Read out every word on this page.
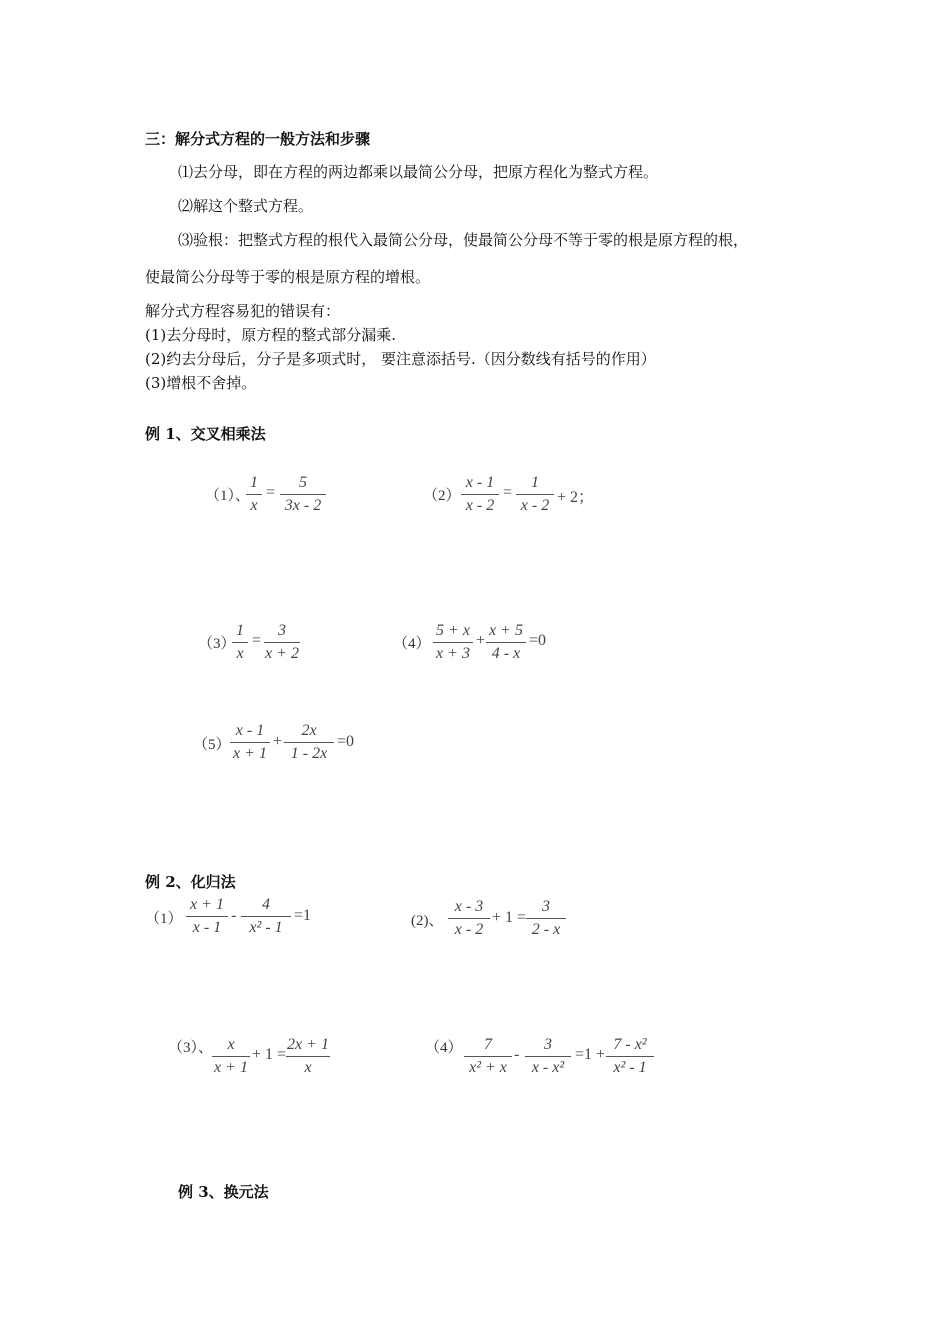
三：解分式方程的一般方法和步骤
⑴去分母，即在方程的两边都乘以最简公分母，把原方程化为整式方程。
⑵解这个整式方程。
⑶验根：把整式方程的根代入最简公分母，使最简公分母不等于零的根是原方程的根，
使最简公分母等于零的根是原方程的增根。
解分式方程容易犯的错误有：
(1)去分母时，原方程的整式部分漏乘.
(2)约去分母后，分子是多项式时， 要注意添括号.（因分数线有括号的作用）
(3)增根不舍掉。
例 1、交叉相乘法
（1）、
1
x
=
5
3x - 2
（2）
x - 1
x - 2
=
1
x - 2 + 2；
（3）
1
x
=
3
x + 2
（4）
5 + x
x + 3
+
x + 5
4 - x
=0
（5）
x - 1
x + 1
+
2x
1 - 2x
=0
例 2、化归法
（1）
x + 1
x - 1
-
4
x² - 1
=1	(2)、
x - 3
x - 2
+ 1 =
3
2 - x
（3）、 x
x + 1
+ 1 =
2x + 1
x
（4）	7
x² + x
-
3
x - x²
=1 +
7 - x²
x² - 1
例 3、换元法
